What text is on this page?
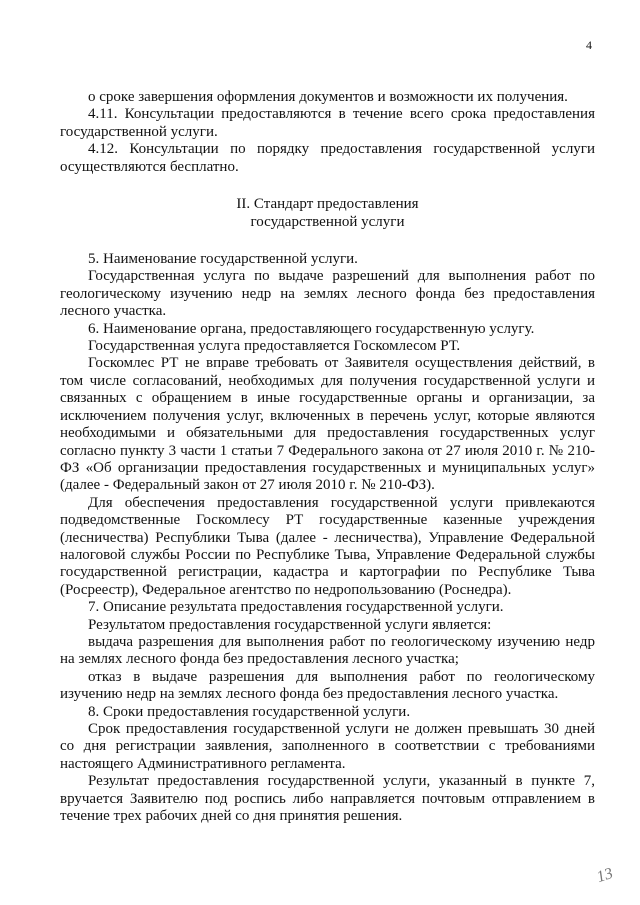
4

о сроке завершения оформления документов и возможности их получения.

4.11. Консультации предоставляются в течение всего срока предоставления государственной услуги.

4.12. Консультации по порядку предоставления государственной услуги осуществляются бесплатно.

II. Стандарт предоставления
государственной услуги

5. Наименование государственной услуги.

Государственная услуга по выдаче разрешений для выполнения работ по геологическому изучению недр на землях лесного фонда без предоставления лесного участка.

6. Наименование органа, предоставляющего государственную услугу.

Государственная услуга предоставляется Госкомлесом РТ.

Госкомлес РТ не вправе требовать от Заявителя осуществления действий, в том числе согласований, необходимых для получения государственной услуги и связанных с обращением в иные государственные органы и организации, за исключением получения услуг, включенных в перечень услуг, которые являются необходимыми и обязательными для предоставления государственных услуг согласно пункту 3 части 1 статьи 7 Федерального закона от 27 июля 2010 г. № 210-ФЗ «Об организации предоставления государственных и муниципальных услуг» (далее - Федеральный закон от 27 июля 2010 г. № 210-ФЗ).

Для обеспечения предоставления государственной услуги привлекаются подведомственные Госкомлесу РТ государственные казенные учреждения (лесничества) Республики Тыва (далее - лесничества), Управление Федеральной налоговой службы России по Республике Тыва, Управление Федеральной службы государственной регистрации, кадастра и картографии по Республике Тыва (Росреестр), Федеральное агентство по недропользованию (Роснедра).

7. Описание результата предоставления государственной услуги.

Результатом предоставления государственной услуги является:

выдача разрешения для выполнения работ по геологическому изучению недр на землях лесного фонда без предоставления лесного участка;

отказ в выдаче разрешения для выполнения работ по геологическому изучению недр на землях лесного фонда без предоставления лесного участка.

8. Сроки предоставления государственной услуги.

Срок предоставления государственной услуги не должен превышать 30 дней со дня регистрации заявления, заполненного в соответствии с требованиями настоящего Административного регламента.

Результат предоставления государственной услуги, указанный в пункте 7, вручается Заявителю под роспись либо направляется почтовым отправлением в течение трех рабочих дней со дня принятия решения.

13
